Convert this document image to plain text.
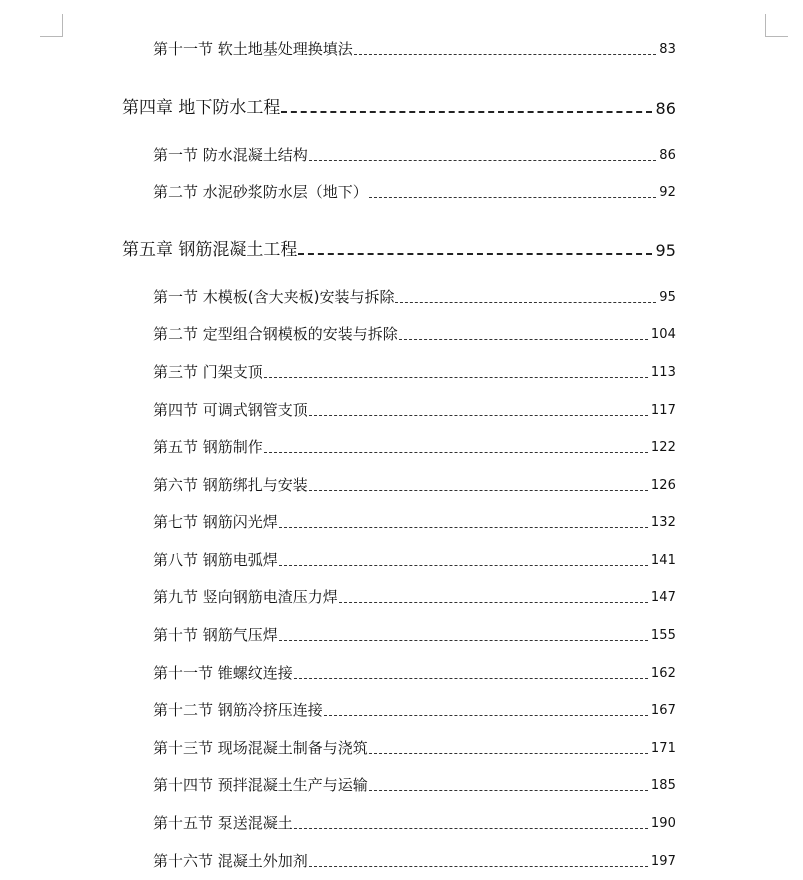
第十一节 软土地基处理换填法	83
第四章 地下防水工程	86
第一节 防水混凝土结构	86
第二节 水泥砂浆防水层（地下）	92
第五章 钢筋混凝土工程	95
第一节 木模板(含大夹板)安装与拆除	95
第二节 定型组合钢模板的安装与拆除	104
第三节 门架支顶	113
第四节 可调式钢管支顶	117
第五节 钢筋制作	122
第六节 钢筋绑扎与安装	126
第七节 钢筋闪光焊	132
第八节 钢筋电弧焊	141
第九节 竖向钢筋电渣压力焊	147
第十节 钢筋气压焊	155
第十一节 锥螺纹连接	162
第十二节 钢筋冷挤压连接	167
第十三节 现场混凝土制备与浇筑	171
第十四节 预拌混凝土生产与运输	185
第十五节 泵送混凝土	190
第十六节 混凝土外加剂	197
